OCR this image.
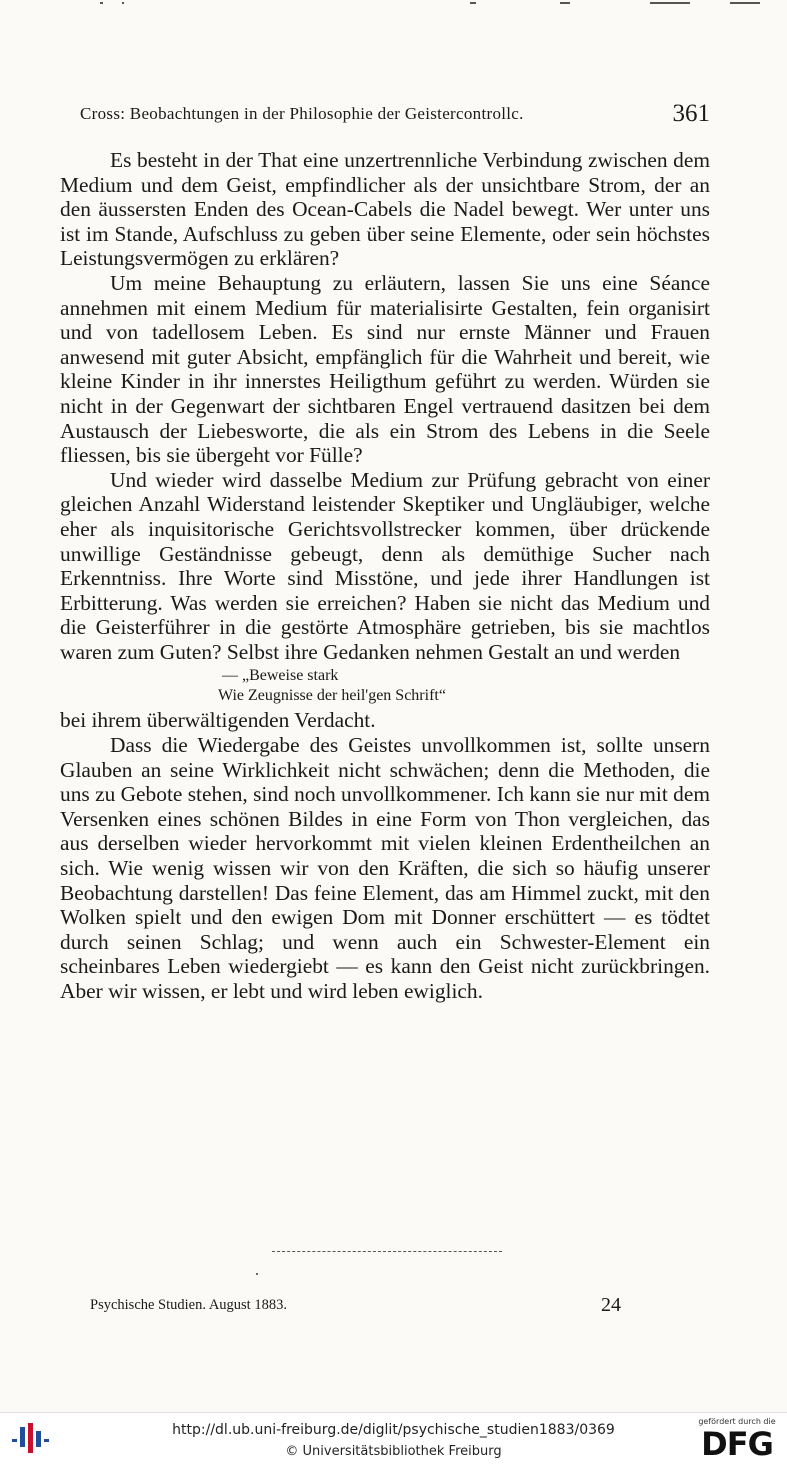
Cross: Beobachtungen in der Philosophie der Geistercontrollc.	361

Es besteht in der That eine unzertrennliche Verbindung zwischen dem Medium und dem Geist, empfindlicher als der unsichtbare Strom, der an den äussersten Enden des Ocean-Cabels die Nadel bewegt. Wer unter uns ist im Stande, Aufschluss zu geben über seine Elemente, oder sein höchstes Leistungsvermögen zu erklären?

Um meine Behauptung zu erläutern, lassen Sie uns eine Séance annehmen mit einem Medium für materialisirte Gestalten, fein organisirt und von tadellosem Leben. Es sind nur ernste Männer und Frauen anwesend mit guter Absicht, empfänglich für die Wahrheit und bereit, wie kleine Kinder in ihr innerstes Heiligthum geführt zu werden. Würden sie nicht in der Gegenwart der sichtbaren Engel vertrauend dasitzen bei dem Austausch der Liebesworte, die als ein Strom des Lebens in die Seele fliessen, bis sie übergeht vor Fülle?

Und wieder wird dasselbe Medium zur Prüfung gebracht von einer gleichen Anzahl Widerstand leistender Skeptiker und Ungläubiger, welche eher als inquisitorische Gerichtsvollstrecker kommen, über drückende unwillige Geständnisse gebeugt, denn als demüthige Sucher nach Erkenntniss. Ihre Worte sind Misstöne, und jede ihrer Handlungen ist Erbitterung. Was werden sie erreichen? Haben sie nicht das Medium und die Geisterführer in die gestörte Atmosphäre getrieben, bis sie machtlos waren zum Guten? Selbst ihre Gedanken nehmen Gestalt an und werden

— „Beweise stark
Wie Zeugnisse der heil'gen Schrift“

bei ihrem überwältigenden Verdacht.

Dass die Wiedergabe des Geistes unvollkommen ist, sollte unsern Glauben an seine Wirklichkeit nicht schwächen; denn die Methoden, die uns zu Gebote stehen, sind noch unvollkommener. Ich kann sie nur mit dem Versenken eines schönen Bildes in eine Form von Thon vergleichen, das aus derselben wieder hervorkommt mit vielen kleinen Erdentheilchen an sich. Wie wenig wissen wir von den Kräften, die sich so häufig unserer Beobachtung darstellen! Das feine Element, das am Himmel zuckt, mit den Wolken spielt und den ewigen Dom mit Donner erschüttert — es tödtet durch seinen Schlag; und wenn auch ein Schwester-Element ein scheinbares Leben wiedergiebt — es kann den Geist nicht zurückbringen. Aber wir wissen, er lebt und wird leben ewiglich.

Psychische Studien. August 1883.	24
http://dl.ub.uni-freiburg.de/diglit/psychische_studien1883/0369
© Universitätsbibliothek Freiburg
gefördert durch die
DFG
